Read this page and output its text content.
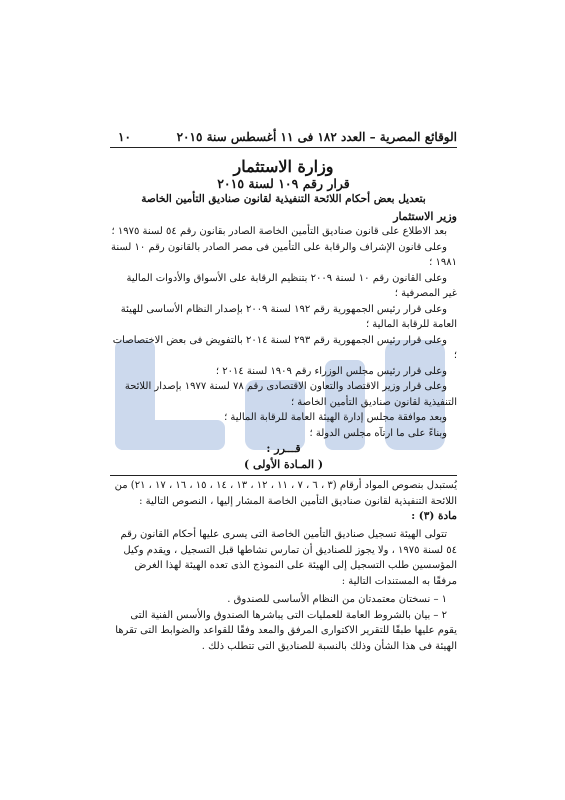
الوقائع المصرية – العدد ١٨٢ فى ١١ أغسطس سنة ٢٠١٥
١٠
وزارة الاستثمار
قرار رقم ١٠٩ لسنة ٢٠١٥
بتعديل بعض أحكام اللائحة التنفيذية لقانون صناديق التأمين الخاصة
وزير الاستثمار
بعد الاطلاع على قانون صناديق التأمين الخاصة الصادر بقانون رقم ٥٤ لسنة ١٩٧٥ ؛
وعلى قانون الإشراف والرقابة على التأمين فى مصر الصادر بالقانون رقم ١٠ لسنة ١٩٨١ ؛
وعلى القانون رقم ١٠ لسنة ٢٠٠٩ بتنظيم الرقابة على الأسواق والأدوات المالية غير المصرفية ؛
وعلى قرار رئيس الجمهورية رقم ١٩٢ لسنة ٢٠٠٩ بإصدار النظام الأساسى للهيئة العامة للرقابة المالية ؛
وعلى قرار رئيس الجمهورية رقم ٢٩٣ لسنة ٢٠١٤ بالتفويض فى بعض الاختصاصات ؛
وعلى قرار رئيس مجلس الوزراء رقم ١٩٠٩ لسنة ٢٠١٤ ؛
وعلى قرار وزير الاقتصاد والتعاون الاقتصادى رقم ٧٨ لسنة ١٩٧٧ بإصدار اللائحة التنفيذية لقانون صناديق التأمين الخاصة ؛
وبعد موافقة مجلس إدارة الهيئة العامة للرقابة المالية ؛
وبناءً على ما ارتآه مجلس الدولة ؛
قـــرر :
( المـادة الأولى )
يُستبدل بنصوص المواد أرقام (٣ ، ٦ ، ٧ ، ١١ ، ١٢ ، ١٣ ، ١٤ ، ١٥ ، ١٦ ، ١٧ ، ٢١) من اللائحة التنفيذية لقانون صناديق التأمين الخاصة المشار إليها ، النصوص التالية :
مادة (٣) :
تتولى الهيئة تسجيل صناديق التأمين الخاصة التى يسرى عليها أحكام القانون رقم ٥٤ لسنة ١٩٧٥ ، ولا يجوز للصناديق أن تمارس نشاطها قبل التسجيل ، ويقدم وكيل المؤسسين طلب التسجيل إلى الهيئة على النموذج الذى تعده الهيئة لهذا الغرض مرفقًا به المستندات التالية :
١ – نسختان معتمدتان من النظام الأساسى للصندوق .
٢ – بيان بالشروط العامة للعمليات التى يباشرها الصندوق والأسس الفنية التى يقوم عليها طبقًا للتقرير الاكتوارى المرفق والمعد وفقًا للقواعد والضوابط التى تقرها الهيئة فى هذا الشأن وذلك بالنسبة للصناديق التى تتطلب ذلك .
